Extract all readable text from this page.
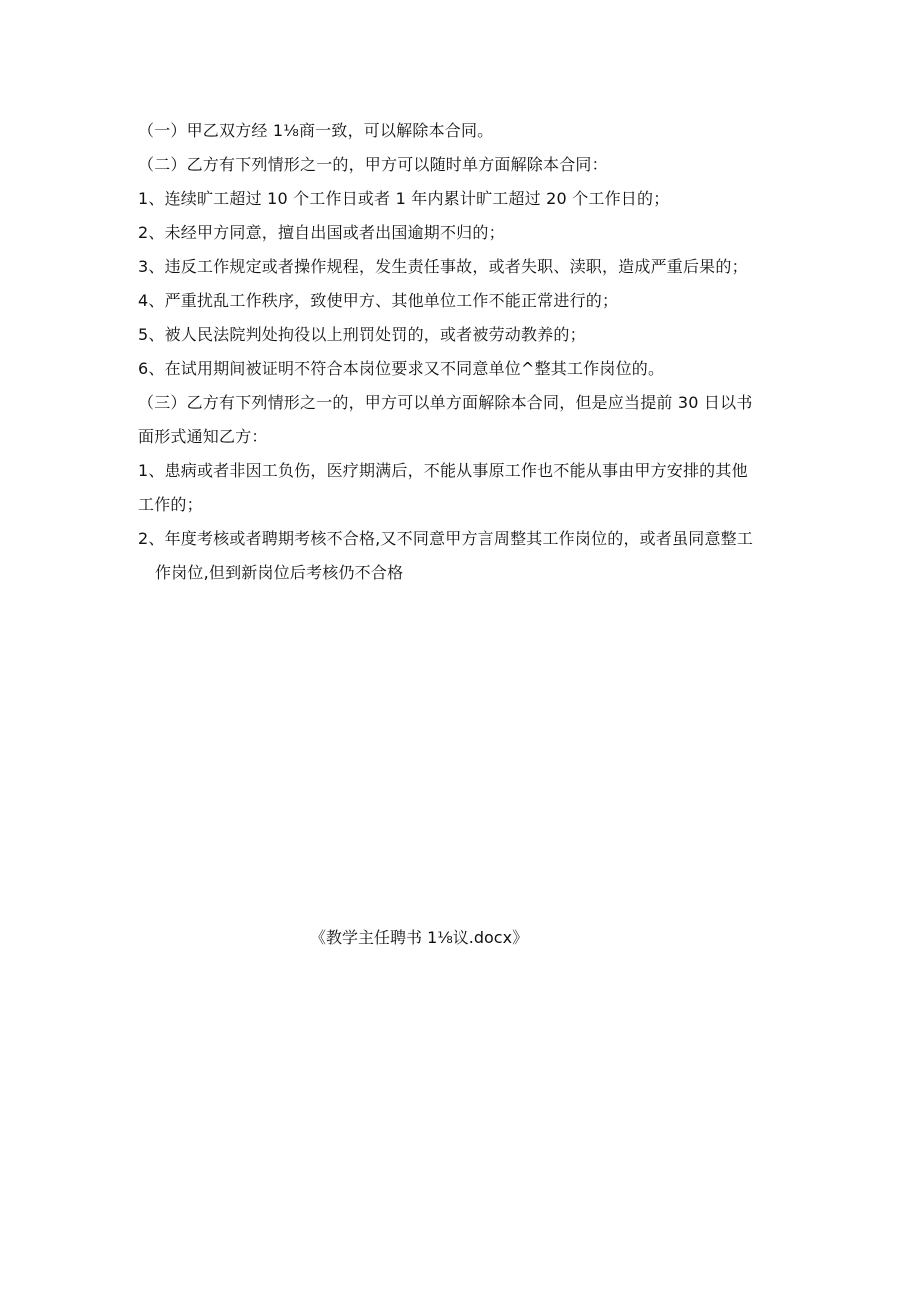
（一）甲乙双方经 1⅛商一致，可以解除本合同。
（二）乙方有下列情形之一的，甲方可以随时单方面解除本合同：
1、连续旷工超过 10 个工作日或者 1 年内累计旷工超过 20 个工作日的；
2、未经甲方同意，擅自出国或者出国逾期不归的；
3、违反工作规定或者操作规程，发生责任事故，或者失职、渎职，造成严重后果的；
4、严重扰乱工作秩序，致使甲方、其他单位工作不能正常进行的；
5、被人民法院判处拘役以上刑罚处罚的，或者被劳动教养的；
6、在试用期间被证明不符合本岗位要求又不同意单位^整其工作岗位的。
（三）乙方有下列情形之一的，甲方可以单方面解除本合同，但是应当提前 30 日以书
面形式通知乙方：
1、患病或者非因工负伤，医疗期满后，不能从事原工作也不能从事由甲方安排的其他
工作的；
2、年度考核或者聘期考核不合格,又不同意甲方言周整其工作岗位的，或者虽同意整工
作岗位,但到新岗位后考核仍不合格
《教学主任聘书 1⅛议.docx》
